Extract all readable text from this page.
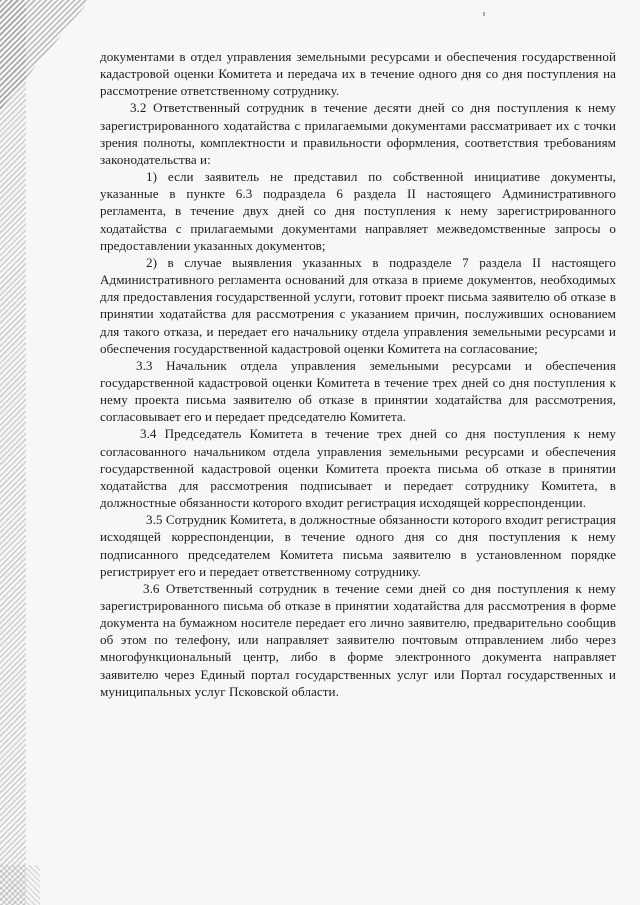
документами в отдел управления земельными ресурсами и обеспечения государственной кадастровой оценки Комитета и передача их в течение одного дня со дня поступления на рассмотрение ответственному сотруднику.

3.2 Ответственный сотрудник в течение десяти дней со дня поступления к нему зарегистрированного ходатайства с прилагаемыми документами рассматривает их с точки зрения полноты, комплектности и правильности оформления, соответствия требованиям законодательства и:

1) если заявитель не представил по собственной инициативе документы, указанные в пункте 6.3 подраздела 6 раздела II настоящего Административного регламента, в течение двух дней со дня поступления к нему зарегистрированного ходатайства с прилагаемыми документами направляет межведомственные запросы о предоставлении указанных документов;

2) в случае выявления указанных в подразделе 7 раздела II настоящего Административного регламента оснований для отказа в приеме документов, необходимых для предоставления государственной услуги, готовит проект письма заявителю об отказе в принятии ходатайства для рассмотрения с указанием причин, послуживших основанием для такого отказа, и передает его начальнику отдела управления земельными ресурсами и обеспечения государственной кадастровой оценки Комитета на согласование;

3.3 Начальник отдела управления земельными ресурсами и обеспечения государственной кадастровой оценки Комитета в течение трех дней со дня поступления к нему проекта письма заявителю об отказе в принятии ходатайства для рассмотрения, согласовывает его и передает председателю Комитета.

3.4 Председатель Комитета в течение трех дней со дня поступления к нему согласованного начальником отдела управления земельными ресурсами и обеспечения государственной кадастровой оценки Комитета проекта письма об отказе в принятии ходатайства для рассмотрения подписывает и передает сотруднику Комитета, в должностные обязанности которого входит регистрация исходящей корреспонденции.

3.5 Сотрудник Комитета, в должностные обязанности которого входит регистрация исходящей корреспонденции, в течение одного дня со дня поступления к нему подписанного председателем Комитета письма заявителю в установленном порядке регистрирует его и передает ответственному сотруднику.

3.6 Ответственный сотрудник в течение семи дней со дня поступления к нему зарегистрированного письма об отказе в принятии ходатайства для рассмотрения в форме документа на бумажном носителе передает его лично заявителю, предварительно сообщив об этом по телефону, или направляет заявителю почтовым отправлением либо через многофункциональный центр, либо в форме электронного документа направляет заявителю через Единый портал государственных услуг или Портал государственных и муниципальных услуг Псковской области.
